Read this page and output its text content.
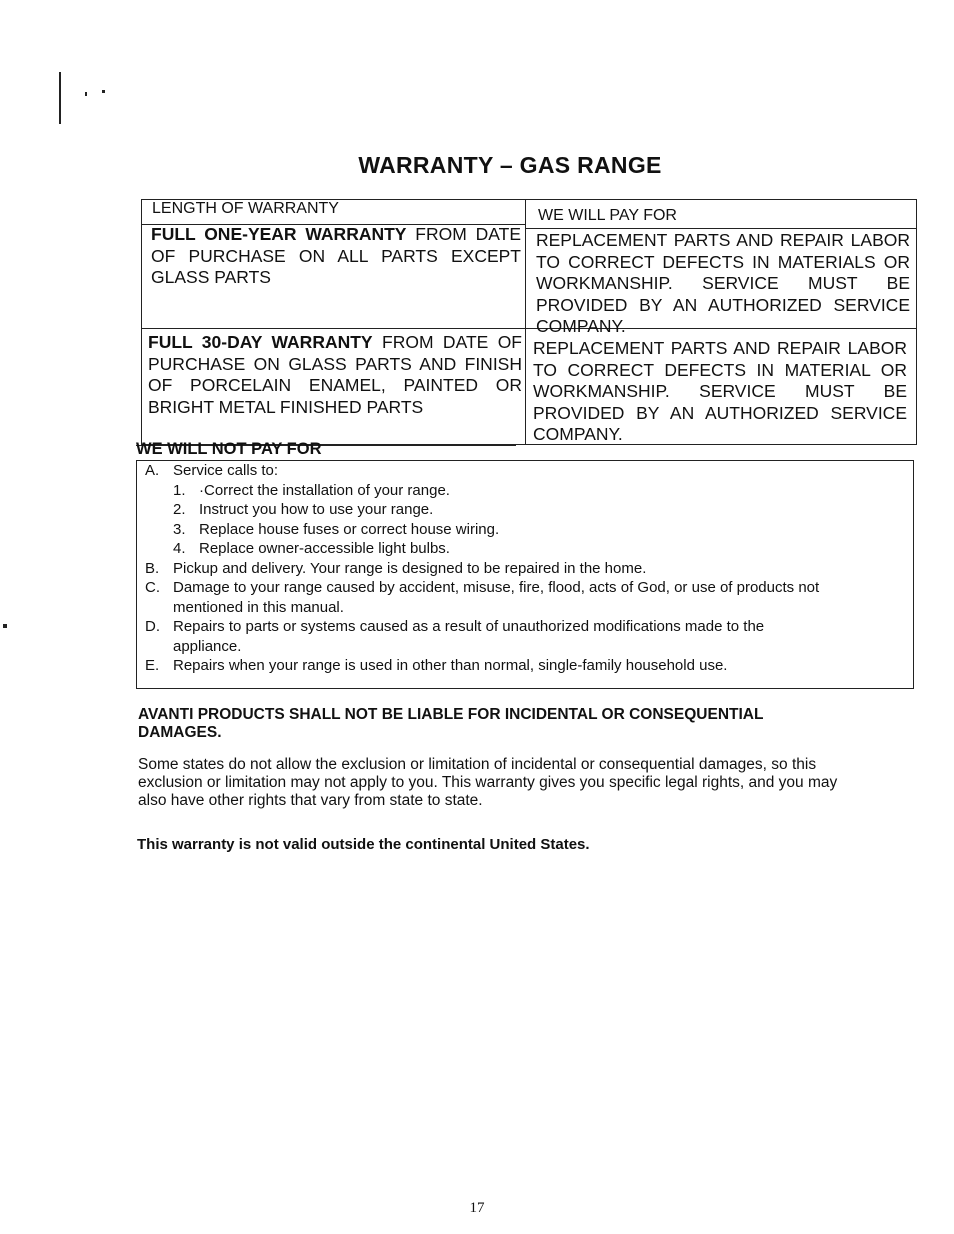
WARRANTY – GAS RANGE
LENGTH OF WARRANTY	WE WILL PAY FOR
FULL ONE-YEAR WARRANTY FROM DATE OF PURCHASE ON ALL PARTS EXCEPT GLASS PARTS
REPLACEMENT PARTS AND REPAIR LABOR TO CORRECT DEFECTS IN MATERIALS OR WORKMANSHIP. SERVICE MUST BE PROVIDED BY AN AUTHORIZED SERVICE COMPANY.
FULL 30-DAY WARRANTY FROM DATE OF PURCHASE ON GLASS PARTS AND FINISH OF PORCELAIN ENAMEL, PAINTED OR BRIGHT METAL FINISHED PARTS
REPLACEMENT PARTS AND REPAIR LABOR TO CORRECT DEFECTS IN MATERIAL OR WORKMANSHIP. SERVICE MUST BE PROVIDED BY AN AUTHORIZED SERVICE COMPANY.
WE WILL NOT PAY FOR
A. Service calls to:
1. ·Correct the installation of your range.
2. Instruct you how to use your range.
3. Replace house fuses or correct house wiring.
4. Replace owner-accessible light bulbs.
B. Pickup and delivery. Your range is designed to be repaired in the home.
C. Damage to your range caused by accident, misuse, fire, flood, acts of God, or use of products not
mentioned in this manual.
D. Repairs to parts or systems caused as a result of unauthorized modifications made to the
appliance.
E. Repairs when your range is used in other than normal, single-family household use.
AVANTI PRODUCTS SHALL NOT BE LIABLE FOR INCIDENTAL OR CONSEQUENTIAL DAMAGES.
Some states do not allow the exclusion or limitation of incidental or consequential damages, so this exclusion or limitation may not apply to you. This warranty gives you specific legal rights, and you may also have other rights that vary from state to state.
This warranty is not valid outside the continental United States.
17
